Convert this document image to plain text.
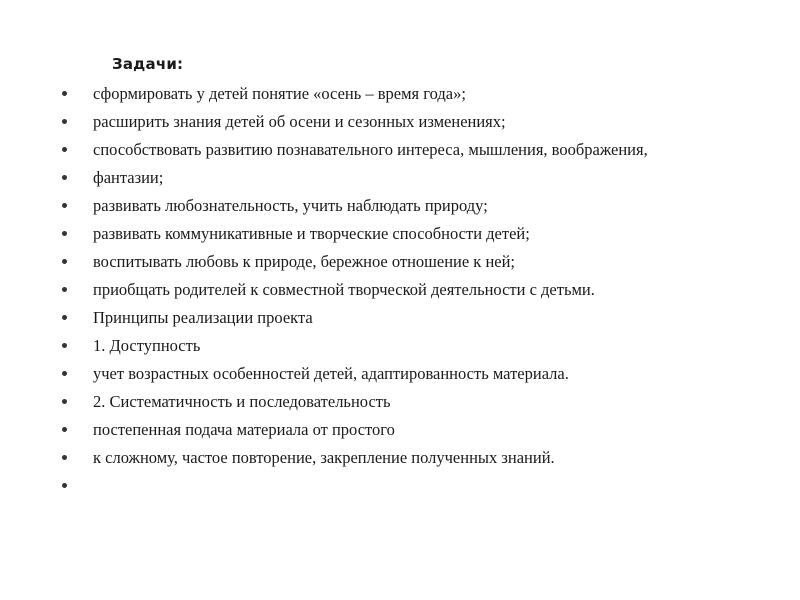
Задачи:
сформировать у детей понятие «осень – время года»;
расширить знания детей об осени и сезонных изменениях;
способствовать развитию познавательного интереса, мышления, воображения,
фантазии;
развивать любознательность, учить наблюдать природу;
развивать коммуникативные и творческие способности детей;
воспитывать любовь к природе, бережное отношение к ней;
приобщать родителей к совместной творческой деятельности с детьми.
Принципы реализации проекта
1. Доступность
учет возрастных особенностей детей, адаптированность материала.
2. Систематичность и последовательность
постепенная подача материала от простого
к сложному, частое повторение, закрепление полученных знаний.
